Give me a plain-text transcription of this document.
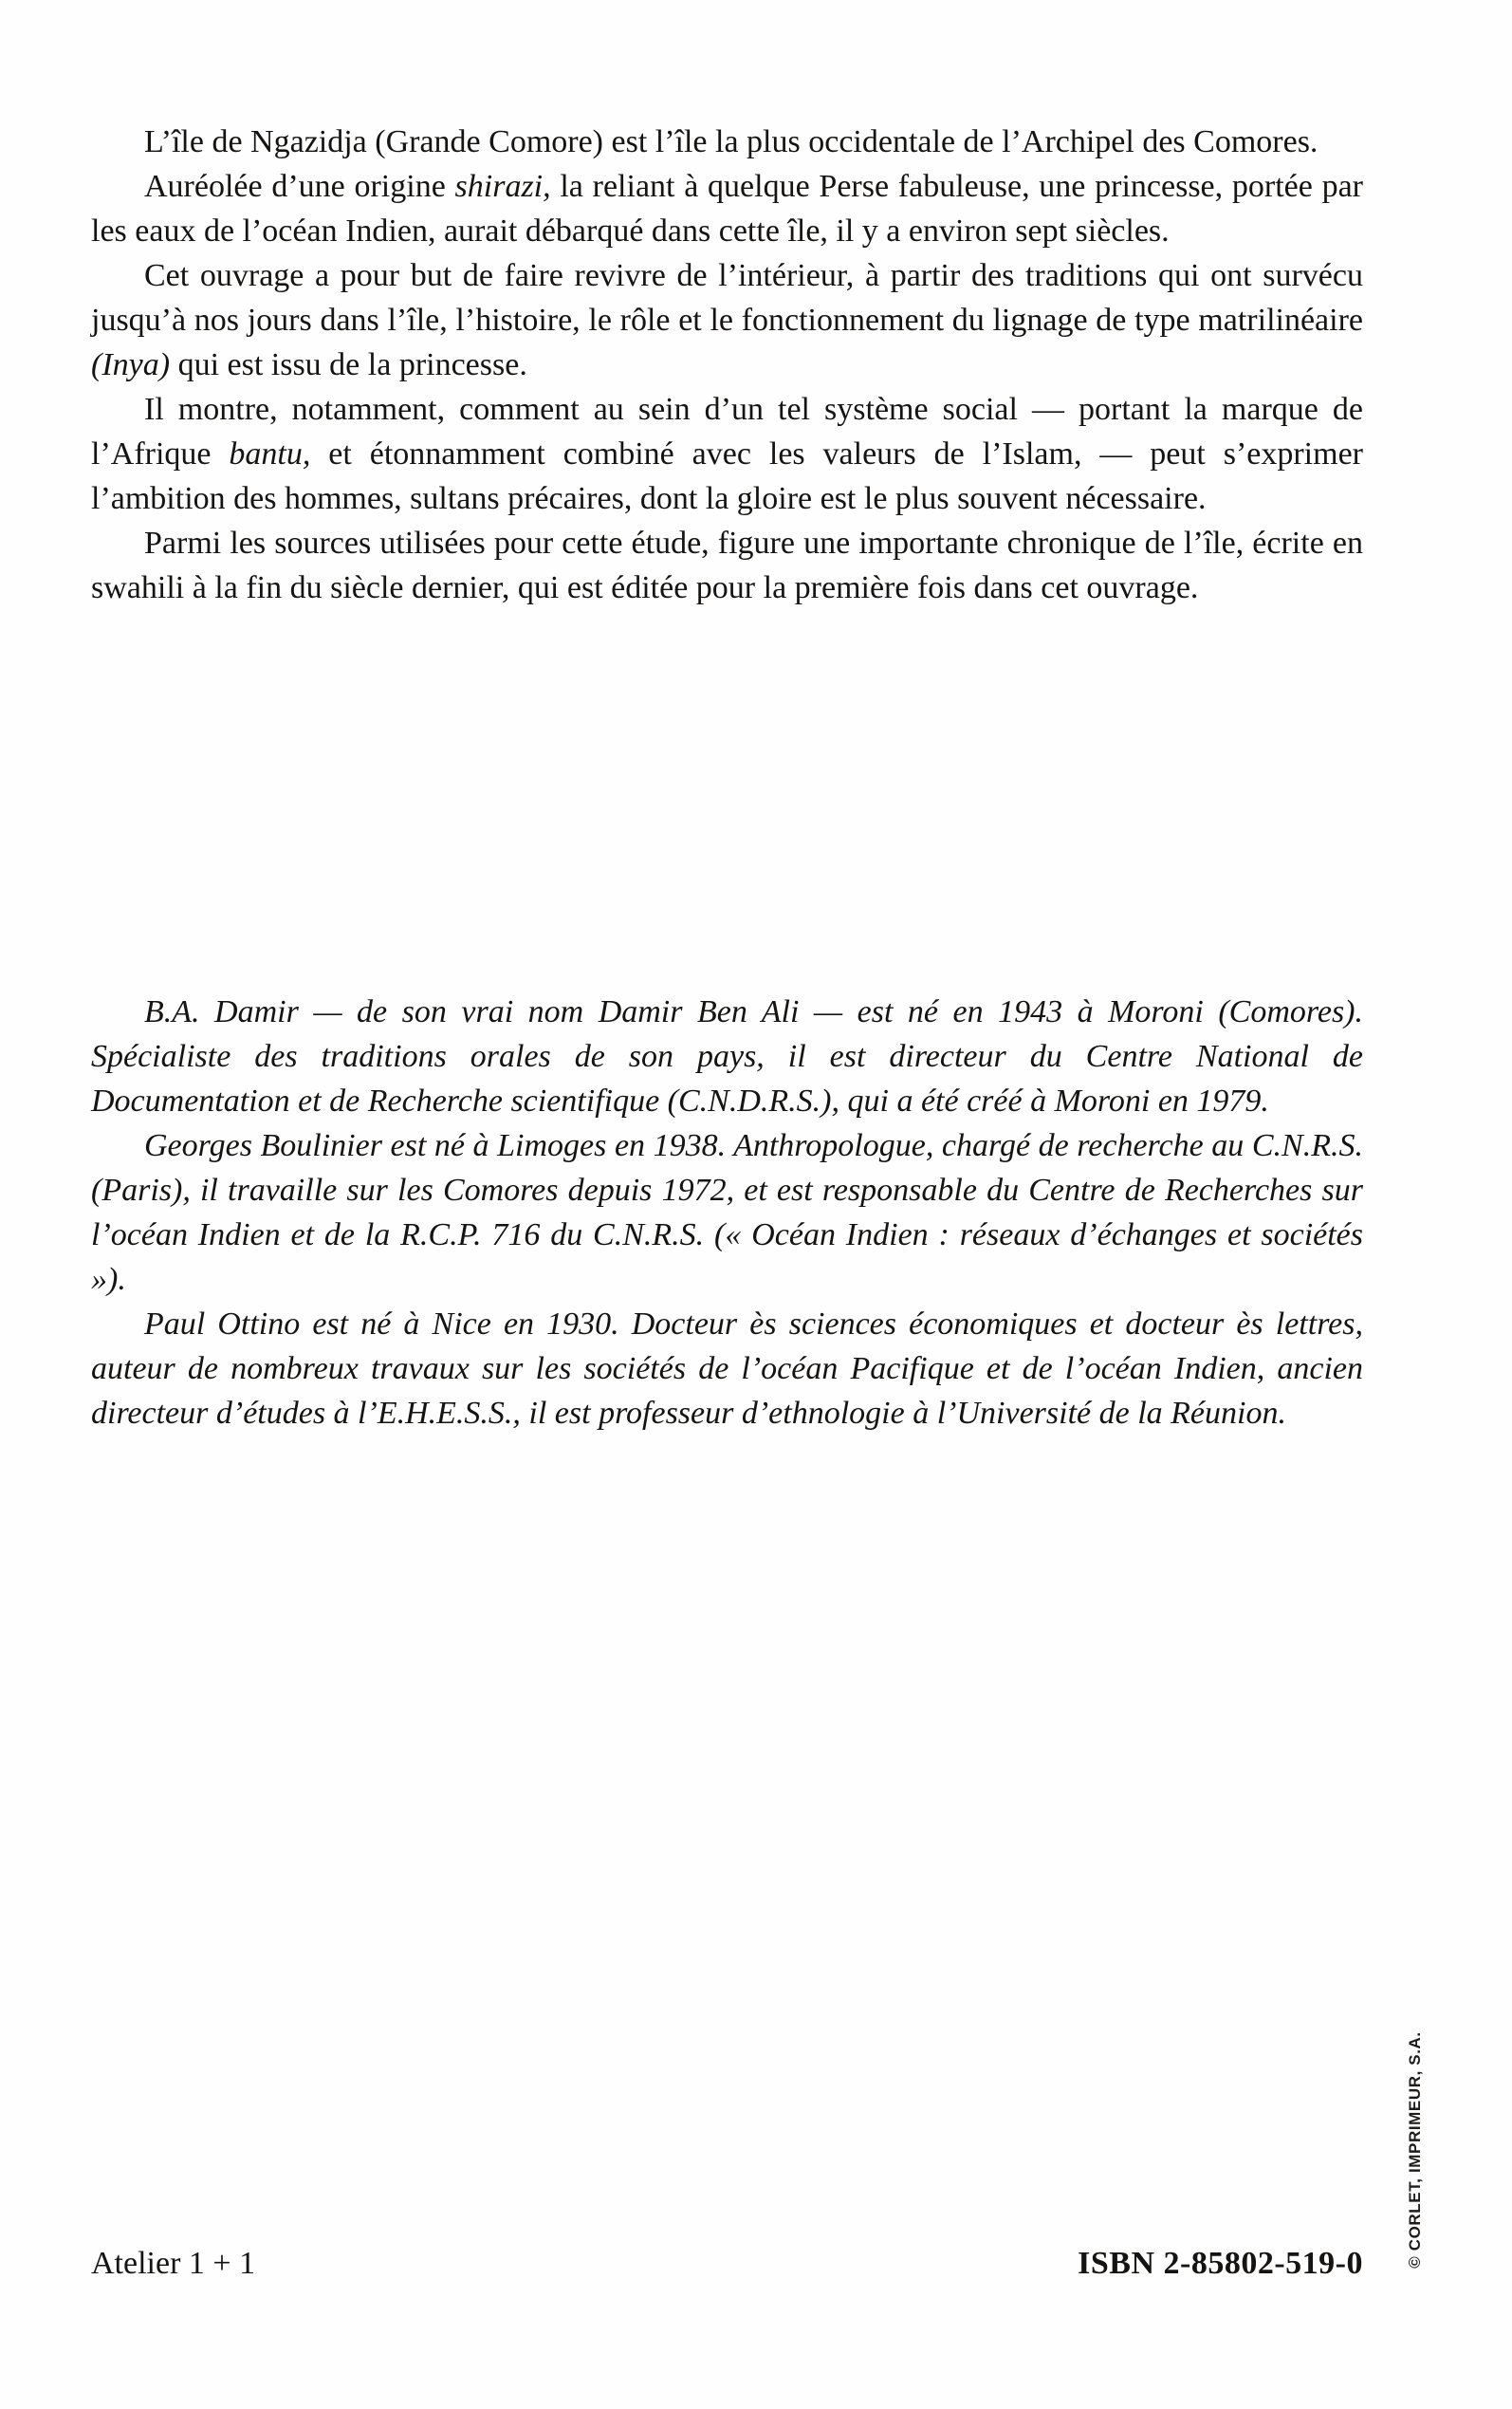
L’île de Ngazidja (Grande Comore) est l’île la plus occidentale de l’Archipel des Comores.

Auréolée d’une origine shirazi, la reliant à quelque Perse fabuleuse, une princesse, portée par les eaux de l’océan Indien, aurait débarqué dans cette île, il y a environ sept siècles.

Cet ouvrage a pour but de faire revivre de l’intérieur, à partir des traditions qui ont survécu jusqu’à nos jours dans l’île, l’histoire, le rôle et le fonctionnement du lignage de type matrilinéaire (Inya) qui est issu de la princesse.

Il montre, notamment, comment au sein d’un tel système social — portant la marque de l’Afrique bantu, et étonnamment combiné avec les valeurs de l’Islam, — peut s’exprimer l’ambition des hommes, sultans précaires, dont la gloire est le plus souvent nécessaire.

Parmi les sources utilisées pour cette étude, figure une importante chronique de l’île, écrite en swahili à la fin du siècle dernier, qui est éditée pour la première fois dans cet ouvrage.

B.A. Damir — de son vrai nom Damir Ben Ali — est né en 1943 à Moroni (Comores). Spécialiste des traditions orales de son pays, il est directeur du Centre National de Documentation et de Recherche scientifique (C.N.D.R.S.), qui a été créé à Moroni en 1979.

Georges Boulinier est né à Limoges en 1938. Anthropologue, chargé de recherche au C.N.R.S. (Paris), il travaille sur les Comores depuis 1972, et est responsable du Centre de Recherches sur l’océan Indien et de la R.C.P. 716 du C.N.R.S. (« Océan Indien : réseaux d’échanges et sociétés »).

Paul Ottino est né à Nice en 1930. Docteur ès sciences économiques et docteur ès lettres, auteur de nombreux travaux sur les sociétés de l’océan Pacifique et de l’océan Indien, ancien directeur d’études à l’E.H.E.S.S., il est professeur d’ethnologie à l’Université de la Réunion.

Atelier 1 + 1	ISBN 2-85802-519-0	© CORLET, IMPRIMEUR, S.A.
